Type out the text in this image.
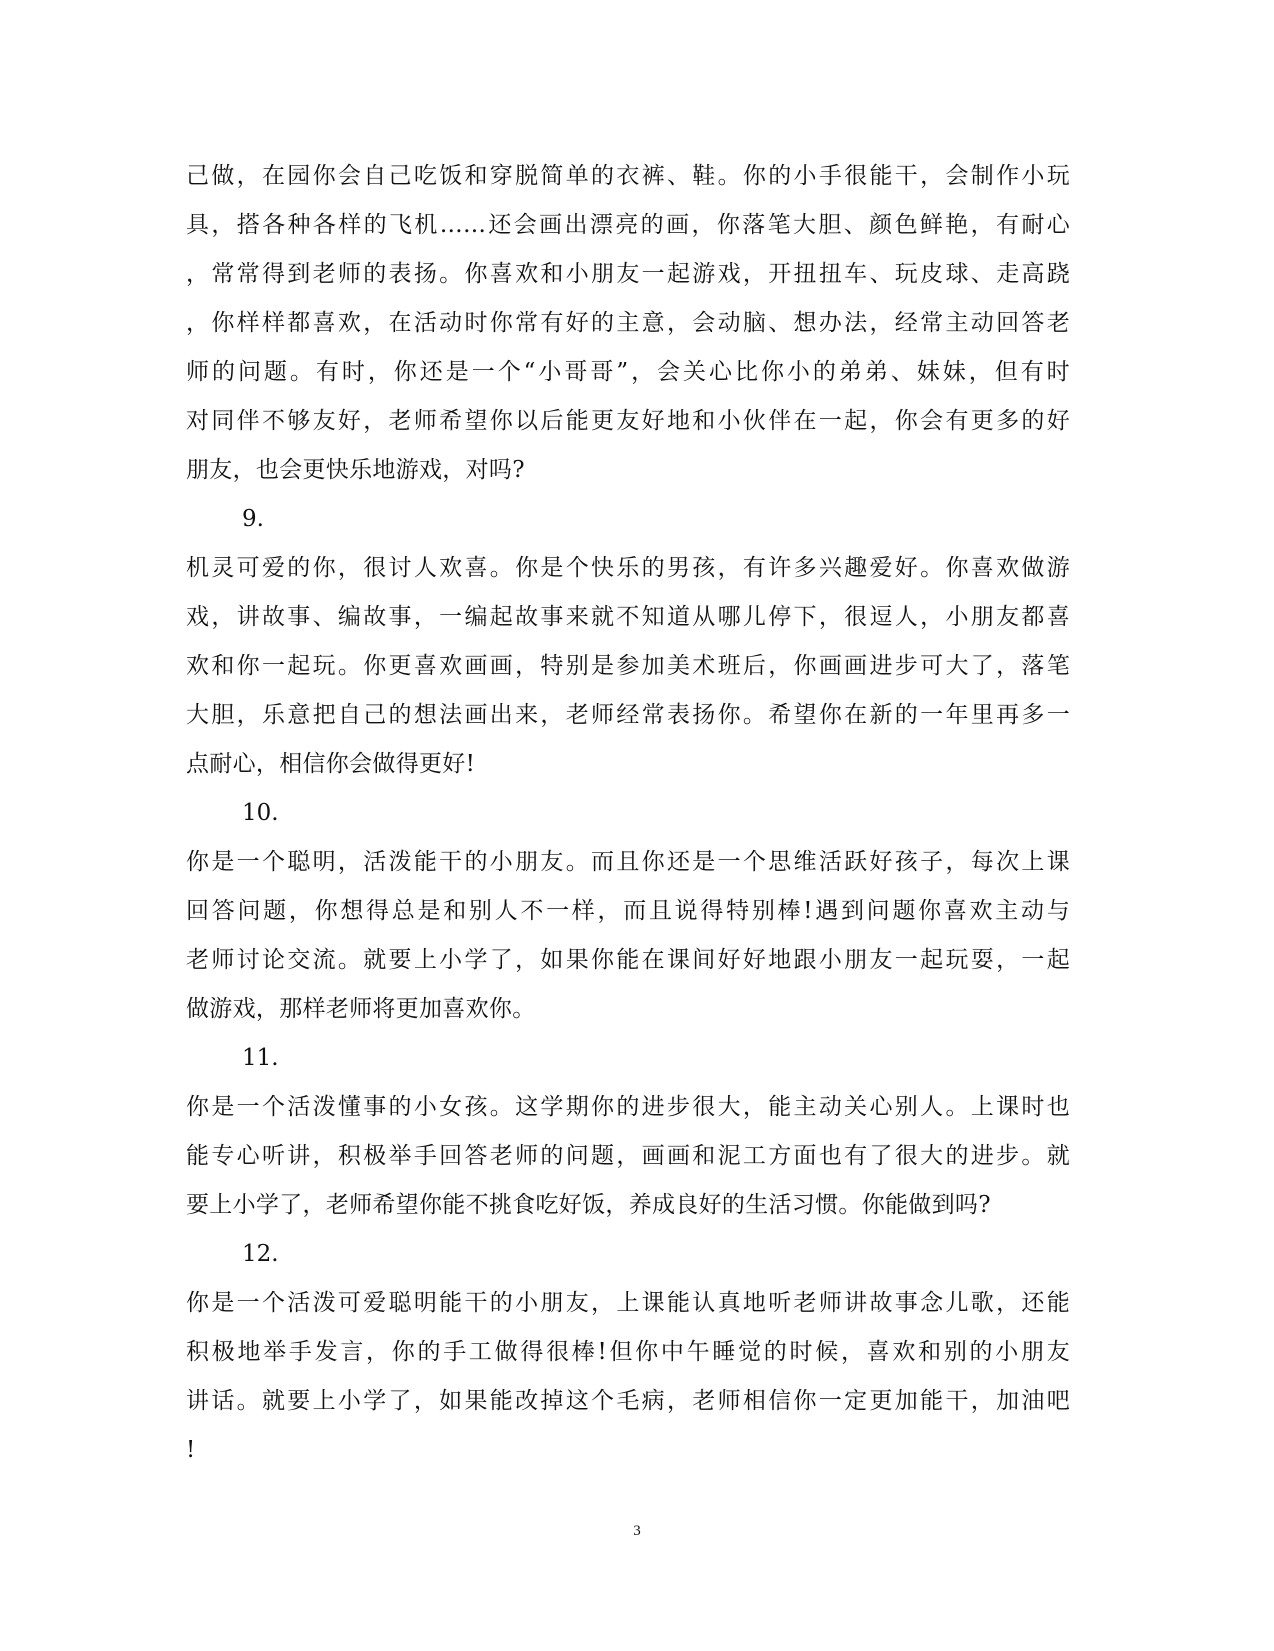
己做，在园你会自己吃饭和穿脱简单的衣裤、鞋。你的小手很能干，会制作小玩
具，搭各种各样的飞机……还会画出漂亮的画，你落笔大胆、颜色鲜艳，有耐心
，常常得到老师的表扬。你喜欢和小朋友一起游戏，开扭扭车、玩皮球、走高跷
，你样样都喜欢，在活动时你常有好的主意，会动脑、想办法，经常主动回答老
师的问题。有时，你还是一个“小哥哥”，会关心比你小的弟弟、妹妹，但有时
对同伴不够友好，老师希望你以后能更友好地和小伙伴在一起，你会有更多的好
朋友，也会更快乐地游戏，对吗?
9.
机灵可爱的你，很讨人欢喜。你是个快乐的男孩，有许多兴趣爱好。你喜欢做游
戏，讲故事、编故事，一编起故事来就不知道从哪儿停下，很逗人，小朋友都喜
欢和你一起玩。你更喜欢画画，特别是参加美术班后，你画画进步可大了，落笔
大胆，乐意把自己的想法画出来，老师经常表扬你。希望你在新的一年里再多一
点耐心，相信你会做得更好!
10.
你是一个聪明，活泼能干的小朋友。而且你还是一个思维活跃好孩子，每次上课
回答问题，你想得总是和别人不一样，而且说得特别棒!遇到问题你喜欢主动与
老师讨论交流。就要上小学了，如果你能在课间好好地跟小朋友一起玩耍，一起
做游戏，那样老师将更加喜欢你。
11.
你是一个活泼懂事的小女孩。这学期你的进步很大，能主动关心别人。上课时也
能专心听讲，积极举手回答老师的问题，画画和泥工方面也有了很大的进步。就
要上小学了，老师希望你能不挑食吃好饭，养成良好的生活习惯。你能做到吗?
12.
你是一个活泼可爱聪明能干的小朋友，上课能认真地听老师讲故事念儿歌，还能
积极地举手发言，你的手工做得很棒!但你中午睡觉的时候，喜欢和别的小朋友
讲话。就要上小学了，如果能改掉这个毛病，老师相信你一定更加能干，加油吧
!
3
